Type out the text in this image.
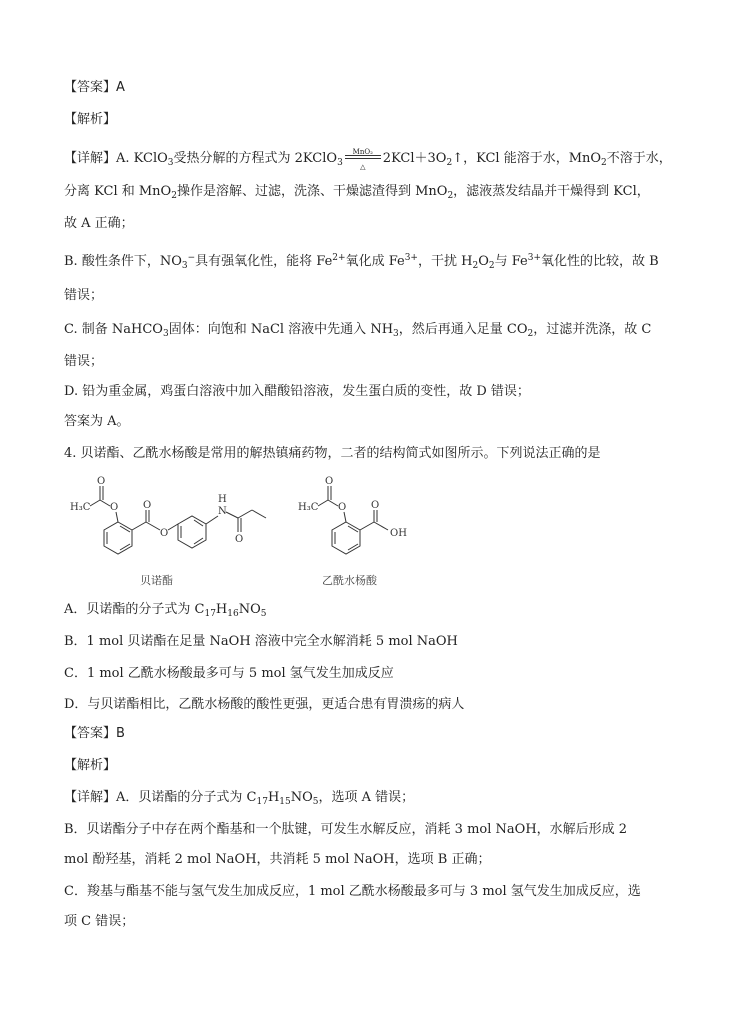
【答案】A
【解析】
【详解】A. KClO$_3$受热分解的方程式为 2KClO$_3$
MnO₂
△
$2KCl+3O_2↑$，KCl 能溶于水，MnO$_2$不溶于水，
分离 KCl 和 MnO$_2$操作是溶解、过滤，洗涤、干燥滤渣得到 MnO$_2$，滤液蒸发结晶并干燥得到 KCl，
故 A 正确；
B. 酸性条件下，$NO_3^-$具有强氧化性，能将 $Fe^{2+}$氧化成 $Fe^{3+}$，干扰 $H_2O_2$与 $Fe^{3+}$氧化性的比较，故 B
错误；
C. 制备 NaHCO$_3$固体：向饱和 NaCl 溶液中先通入 $NH_3$，然后再通入足量 $CO_2$，过滤并洗涤，故 C
错误；
D. 铅为重金属，鸡蛋白溶液中加入醋酸铅溶液，发生蛋白质的变性，故 D 错误；
答案为 A。
4. 贝诺酯、乙酰水杨酸是常用的解热镇痛药物，二者的结构简式如图所示。下列说法正确的是
H₃C
O
O O
O
N
H
O
贝诺酯
H₃C
O
O O
OH
乙酰水杨酸
A．贝诺酯的分子式为 $C_{17}H_{16}NO_5$
B．1 mol 贝诺酯在足量 NaOH 溶液中完全水解消耗 5 mol NaOH
C．1 mol 乙酰水杨酸最多可与 5 mol 氢气发生加成反应
D．与贝诺酯相比，乙酰水杨酸的酸性更强，更适合患有胃溃疡的病人
【答案】B
【解析】
【详解】A．贝诺酯的分子式为 $C_{17}H_{15}NO_5$，选项 A 错误；
B．贝诺酯分子中存在两个酯基和一个肽键，可发生水解反应，消耗 3 mol NaOH，水解后形成 2
mol 酚羟基，消耗 2 mol NaOH，共消耗 5 mol NaOH，选项 B 正确；
C．羧基与酯基不能与氢气发生加成反应，1 mol 乙酰水杨酸最多可与 3 mol 氢气发生加成反应，选
项 C 错误；
